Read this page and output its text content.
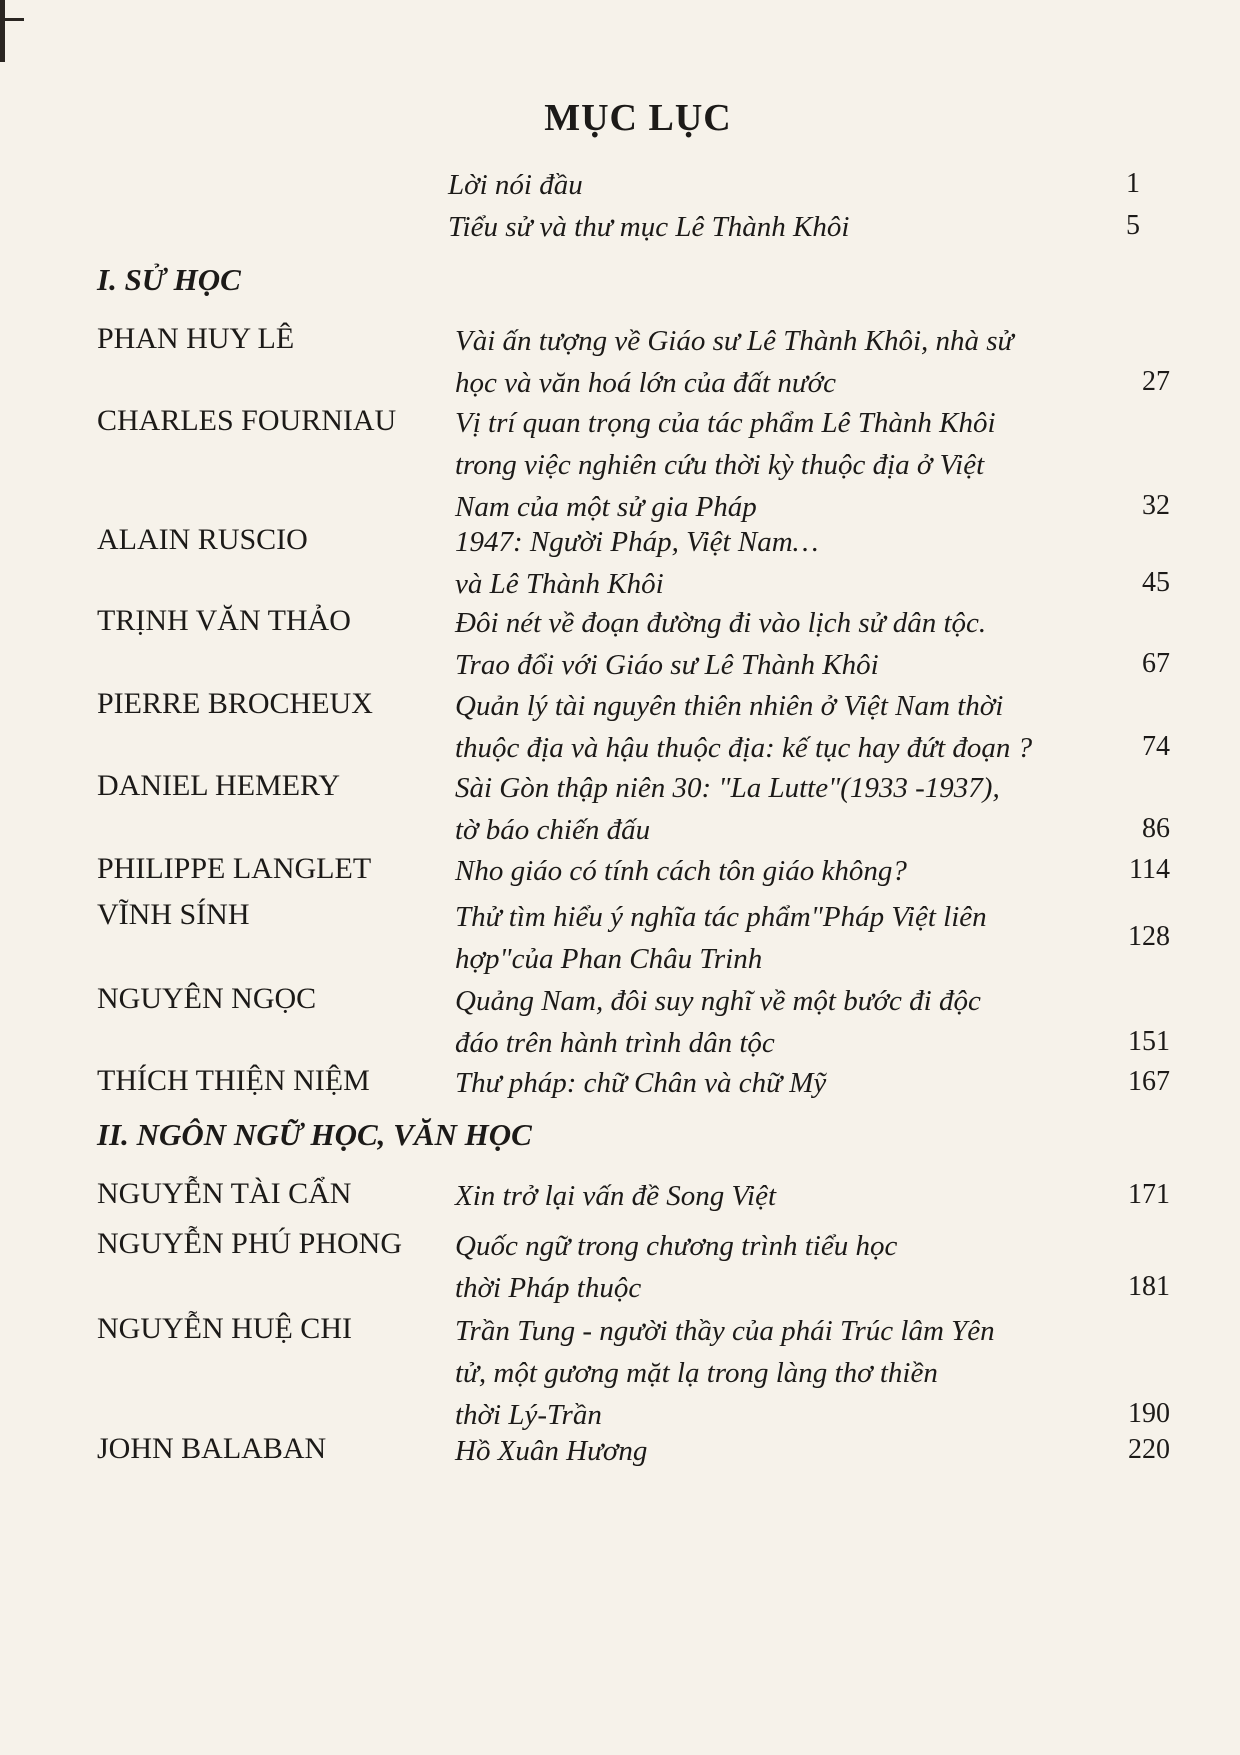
MỤC LỤC
Lời nói đầu	1
Tiểu sử và thư mục Lê Thành Khôi	5
I. SỬ HỌC
PHAN HUY LÊ	Vài ấn tượng về Giáo sư Lê Thành Khôi, nhà sử
học và văn hoá lớn của đất nước	27
CHARLES FOURNIAU Vị trí quan trọng của tác phẩm Lê Thành Khôi
trong việc nghiên cứu thời kỳ thuộc địa ở Việt
Nam của một sử gia Pháp	32
ALAIN RUSCIO	1947: Người Pháp, Việt Nam…
và Lê Thành Khôi	45
TRỊNH VĂN THẢO	Đôi nét về đoạn đường đi vào lịch sử dân tộc.
Trao đổi với Giáo sư Lê Thành Khôi	67
PIERRE BROCHEUX	Quản lý tài nguyên thiên nhiên ở Việt Nam thời
thuộc địa và hậu thuộc địa: kế tục hay đứt đoạn ?	74
DANIEL HEMERY	Sài Gòn thập niên 30: "La Lutte"(1933 -1937),
tờ báo chiến đấu	86
PHILIPPE LANGLET	Nho giáo có tính cách tôn giáo không?	114
VĨNH SÍNH	Thử tìm hiểu ý nghĩa tác phẩm"Pháp Việt liên
hợp"của Phan Châu Trinh
128
NGUYÊN NGỌC	Quảng Nam, đôi suy nghĩ về một bước đi độc
đáo trên hành trình dân tộc	151
THÍCH THIỆN NIỆM	Thư pháp: chữ Chân và chữ Mỹ	167
II. NGÔN NGỮ HỌC, VĂN HỌC
NGUYỄN TÀI CẨN	Xin trở lại vấn đề Song Việt	171
NGUYỄN PHÚ PHONG Quốc ngữ trong chương trình tiểu học
thời Pháp thuộc	181
NGUYỄN HUỆ CHI	Trần Tung - người thầy của phái Trúc lâm Yên
tử, một gương mặt lạ trong làng thơ thiền
thời Lý-Trần	190
JOHN BALABAN	Hồ Xuân Hương	220
